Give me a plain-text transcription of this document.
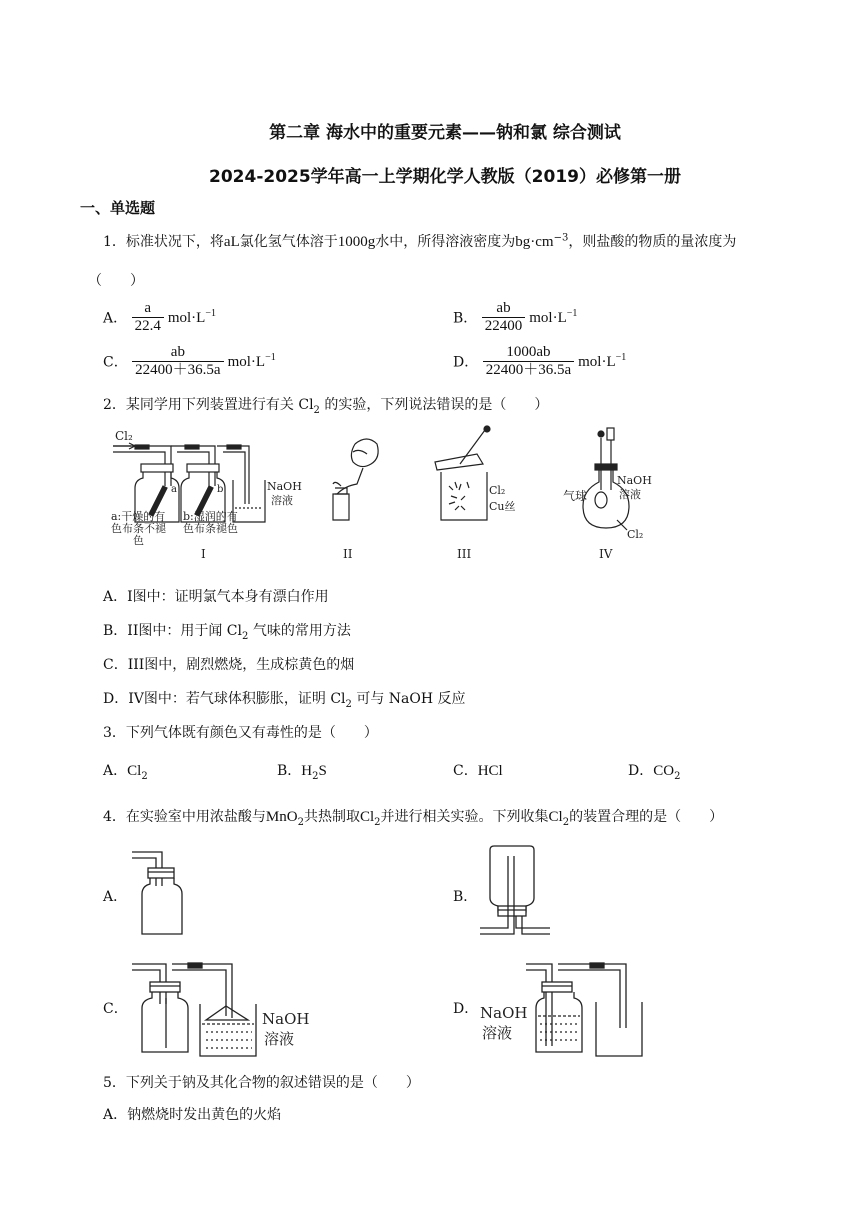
第二章 海水中的重要元素——钠和氯 综合测试
2024-2025学年高一上学期化学人教版（2019）必修第一册
一、单选题
1．标准状况下，将aL氯化氢气体溶于1000g水中，所得溶液密度为$bg\cdot cm^{-3}$，则盐酸的物质的量浓度为
（　　）
A． $\frac{a}{22.4} mol\cdot L^{-1}$	B． $\frac{ab}{22400} mol\cdot L^{-1}$
C． $\frac{ab}{22400+36.5a} mol\cdot L^{-1}$	D． $\frac{1000ab}{22400+36.5a} mol\cdot L^{-1}$
2．某同学用下列装置进行有关 $Cl_2$ 的实验，下列说法错误的是（　　）
Cl₂
a	b	NaOH
溶液
a:干燥的有
色布条不褪
色
b:湿润的有
色布条褪色
I	II
Cl₂
Cu丝
III
气球
NaOH
溶液
Cl₂
IV
A．I图中：证明氯气本身有漂白作用
B．II图中：用于闻 $Cl_2$ 气味的常用方法
C．III图中，剧烈燃烧，生成棕黄色的烟
D．IV图中：若气球体积膨胀，证明 $Cl_2$ 可与 NaOH 反应
3．下列气体既有颜色又有毒性的是（　　）
A．$Cl_2$	B．$H_2S$	C．HCl	D．$CO_2$
4．在实验室中用浓盐酸与MnO$_2$共热制取$Cl_2$并进行相关实验。下列收集$Cl_2$的装置合理的是（　　）
A．	B．
C．
NaOH
溶液
D． NaOH
溶液
5．下列关于钠及其化合物的叙述错误的是（　　）
A．钠燃烧时发出黄色的火焰
